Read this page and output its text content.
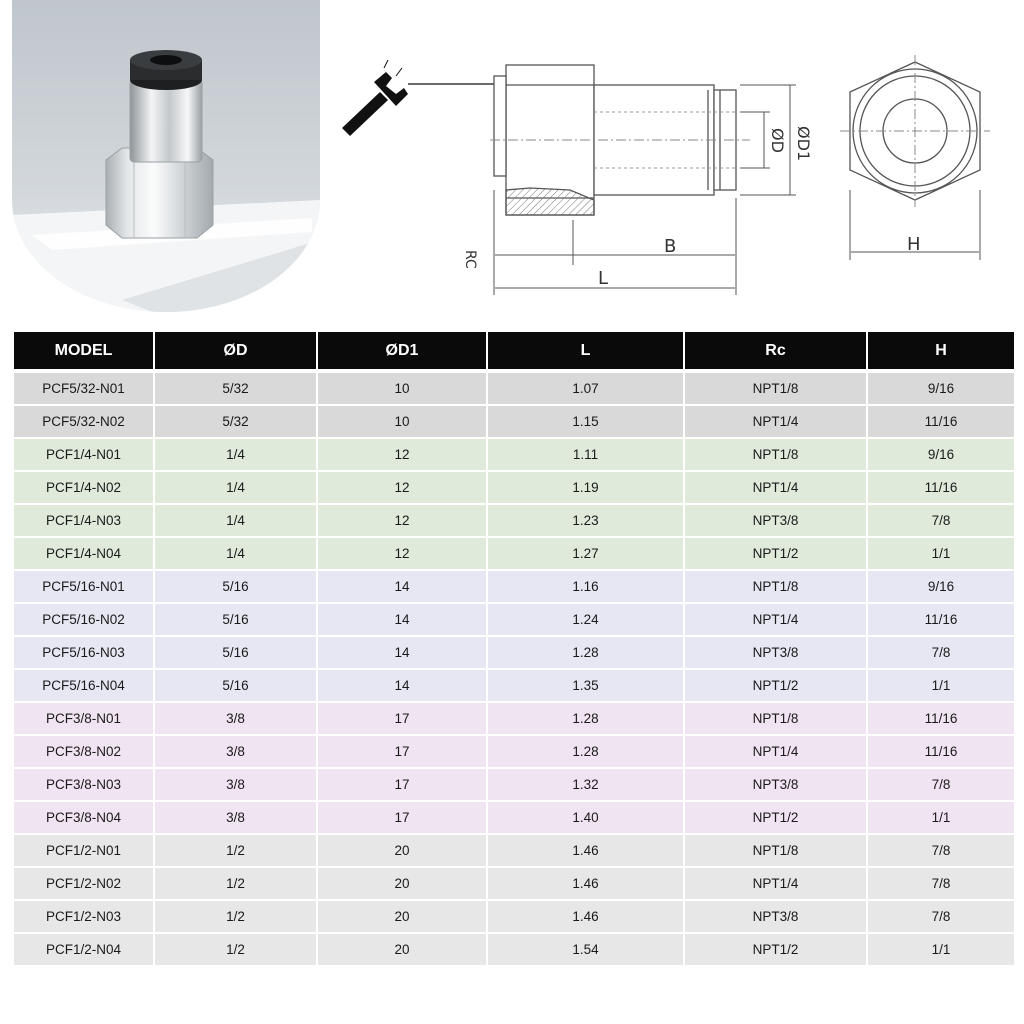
RC
B
L
ØD ØD1
H
MODEL	ØD	ØD1	L	Rc	H
PCF5/32-N01	5/32	10	1.07	NPT1/8	9/16
PCF5/32-N02	5/32	10	1.15	NPT1/4	11/16
PCF1/4-N01	1/4	12	1.11	NPT1/8	9/16
PCF1/4-N02	1/4	12	1.19	NPT1/4	11/16
PCF1/4-N03	1/4	12	1.23	NPT3/8	7/8
PCF1/4-N04	1/4	12	1.27	NPT1/2	1/1
PCF5/16-N01	5/16	14	1.16	NPT1/8	9/16
PCF5/16-N02	5/16	14	1.24	NPT1/4	11/16
PCF5/16-N03	5/16	14	1.28	NPT3/8	7/8
PCF5/16-N04	5/16	14	1.35	NPT1/2	1/1
PCF3/8-N01	3/8	17	1.28	NPT1/8	11/16
PCF3/8-N02	3/8	17	1.28	NPT1/4	11/16
PCF3/8-N03	3/8	17	1.32	NPT3/8	7/8
PCF3/8-N04	3/8	17	1.40	NPT1/2	1/1
PCF1/2-N01	1/2	20	1.46	NPT1/8	7/8
PCF1/2-N02	1/2	20	1.46	NPT1/4	7/8
PCF1/2-N03	1/2	20	1.46	NPT3/8	7/8
PCF1/2-N04	1/2	20	1.54	NPT1/2	1/1
